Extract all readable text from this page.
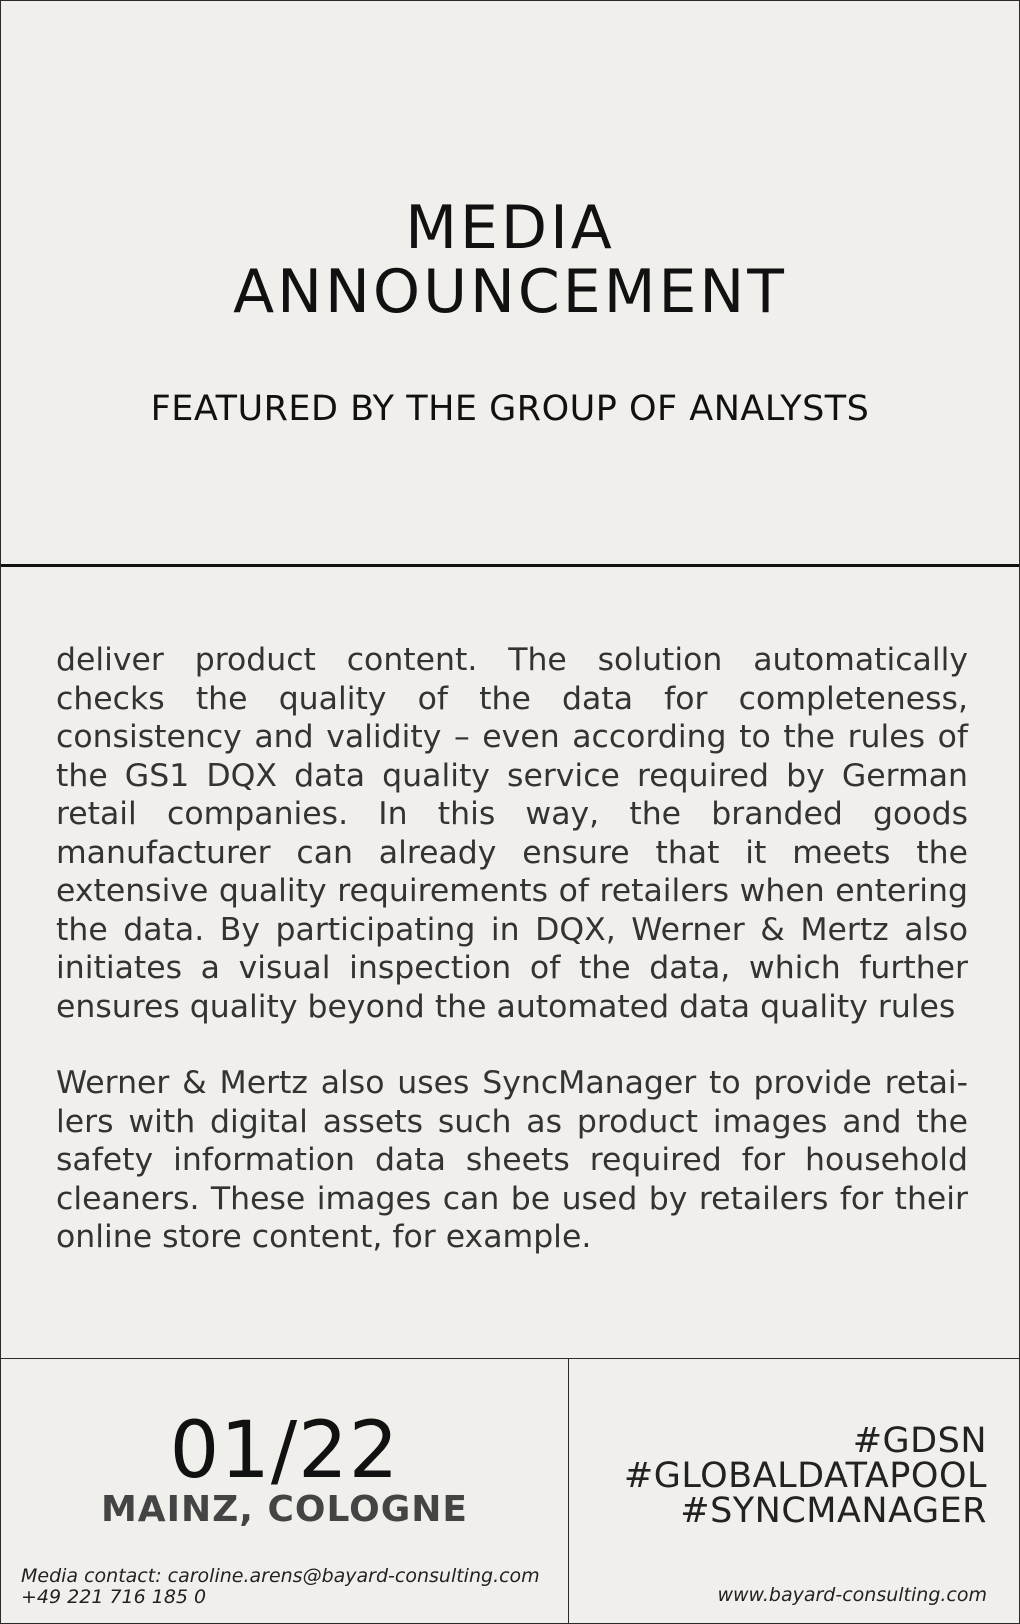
MEDIA
ANNOUNCEMENT
FEATURED BY THE GROUP OF ANALYSTS

deliver product content. The solution automatically checks the quality of the data for completeness, consistency and validity – even according to the rules of the GS1 DQX data quality service required by German retail companies. In this way, the branded goods manufacturer can already ensure that it meets the extensive quality requirements of retailers when entering the data. By participating in DQX, Werner & Mertz also initiates a visual inspection of the data, which further ensures quality beyond the automated data quality rules

Werner & Mertz also uses SyncManager to provide retailers with digital assets such as product images and the safety information data sheets required for household cleaners. These images can be used by retailers for their online store content, for example.

01/22
MAINZ, COLOGNE
Media contact: caroline.arens@bayard-consulting.com
+49 221 716 185 0
#GDSN
#GLOBALDATAPOOL
#SYNCMANAGER
www.bayard-consulting.com
